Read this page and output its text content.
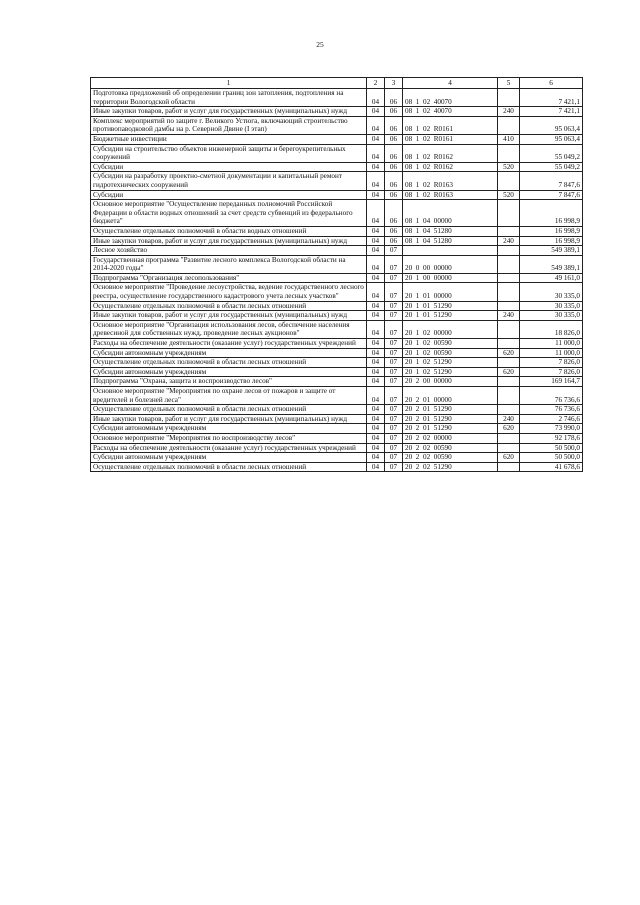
25
1	2	3	4	5	6
Подготовка предложений об определении границ зон затопления, подтопления на территории Вологодской области	04	06	08  1  02  40070		7 421,1
Иные закупки товаров, работ и услуг для государственных (муниципальных) нужд	04	06	08  1  02  40070	240	7 421,1
Комплекс мероприятий по защите г. Великого Устюга, включающий строительство противопаводковой дамбы на р. Северной Двине (I этап)	04	06	08  1  02  R0161		95 063,4
Бюджетные инвестиции	04	06	08  1  02  R0161	410	95 063,4
Субсидии на строительство объектов инженерной защиты и берегоукрепительных сооружений	04	06	08  1  02  R0162		55 049,2
Субсидии	04	06	08  1  02  R0162	520	55 049,2
Субсидии на разработку проектно-сметной документации и капитальный ремонт гидротехнических сооружений	04	06	08  1  02  R0163		7 847,6
Субсидии	04	06	08  1  02  R0163	520	7 847,6
Основное мероприятие "Осуществление переданных полномочий Российской Федерации в области водных отношений за счет средств субвенций из федерального бюджета"	04	06	08  1  04  00000		16 998,9
Осуществление отдельных полномочий в области водных отношений	04	06	08  1  04  51280		16 998,9
Иные закупки товаров, работ и услуг для государственных (муниципальных) нужд	04	06	08  1  04  51280	240	16 998,9
Лесное хозяйство	04	07			549 389,1
Государственная программа "Развитие лесного комплекса Вологодской области на 2014-2020 годы"	04	07	20  0  00  00000		549 389,1
Подпрограмма "Организация лесопользования"	04	07	20  1  00  00000		49 161,0
Основное мероприятие "Проведение лесоустройства, ведение государственного лесного реестра, осуществление государственного кадастрового учета лесных участков"	04	07	20  1  01  00000		30 335,0
Осуществление отдельных полномочий в области лесных отношений	04	07	20  1  01  51290		30 335,0
Иные закупки товаров, работ и услуг для государственных (муниципальных) нужд	04	07	20  1  01  51290	240	30 335,0
Основное мероприятие "Организация использования лесов, обеспечение населения древесиной для собственных нужд, проведение лесных аукционов"	04	07	20  1  02  00000		18 826,0
Расходы на обеспечение деятельности (оказание услуг) государственных учреждений	04	07	20  1  02  00590		11 000,0
Субсидии автономным учреждениям	04	07	20  1  02  00590	620	11 000,0
Осуществление отдельных полномочий в области лесных отношений	04	07	20  1  02  51290		7 826,0
Субсидии автономным учреждениям	04	07	20  1  02  51290	620	7 826,0
Подпрограмма "Охрана, защита и воспроизводство лесов"	04	07	20  2  00  00000		169 164,7
Основное мероприятие "Мероприятия по охране лесов от пожаров и защите от вредителей и болезней леса"	04	07	20  2  01  00000		76 736,6
Осуществление отдельных полномочий в области лесных отношений	04	07	20  2  01  51290		76 736,6
Иные закупки товаров, работ и услуг для государственных (муниципальных) нужд	04	07	20  2  01  51290	240	2 746,6
Субсидии автономным учреждениям	04	07	20  2  01  51290	620	73 990,0
Основное мероприятие "Мероприятия по воспроизводству лесов"	04	07	20  2  02  00000		92 178,6
Расходы на обеспечение деятельности (оказание услуг) государственных учреждений	04	07	20  2  02  00590		50 500,0
Субсидии автономным учреждениям	04	07	20  2  02  00590	620	50 500,0
Осуществление отдельных полномочий в области лесных отношений	04	07	20  2  02  51290		41 678,6
